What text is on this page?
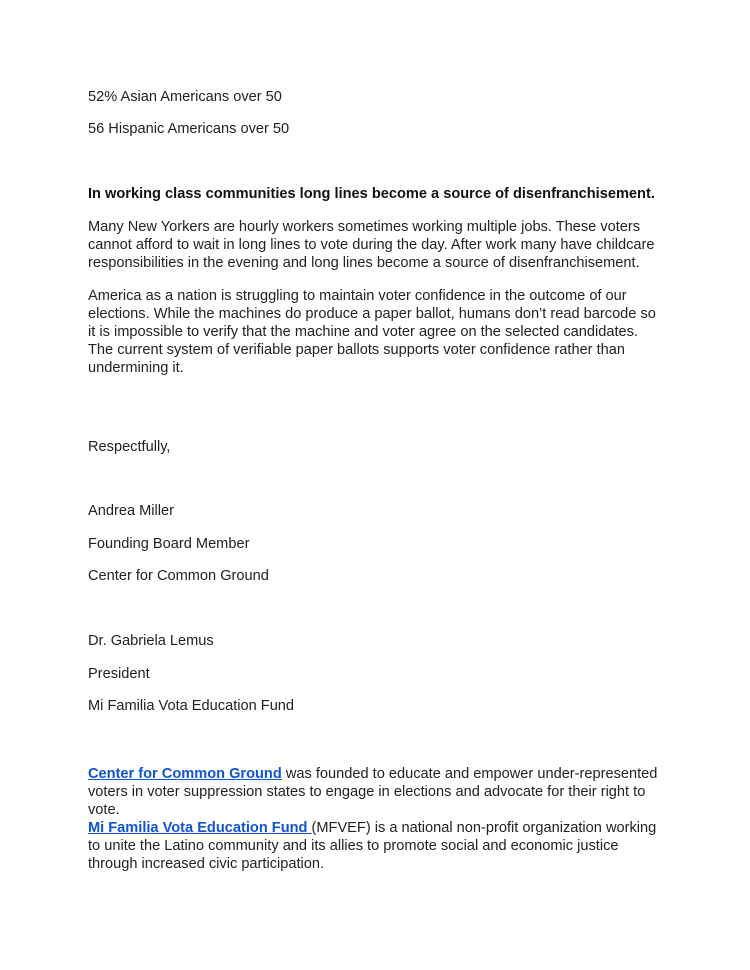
52% Asian Americans over 50
56 Hispanic Americans over 50
In working class communities long lines become a source of disenfranchisement.
Many New Yorkers are hourly workers sometimes working multiple jobs. These voters cannot afford to wait in long lines to vote during the day. After work many have childcare responsibilities in the evening and long lines become a source of disenfranchisement.
America as a nation is struggling to maintain voter confidence in the outcome of our elections. While the machines do produce a paper ballot, humans don’t read barcode so it is impossible to verify that the machine and voter agree on the selected candidates. The current system of verifiable paper ballots supports voter confidence rather than undermining it.
Respectfully,
Andrea Miller
Founding Board Member
Center for Common Ground
Dr. Gabriela Lemus
President
Mi Familia Vota Education Fund
Center for Common Ground was founded to educate and empower under-represented voters in voter suppression states to engage in elections and advocate for their right to vote.
Mi Familia Vota Education Fund (MFVEF) is a national non-profit organization working to unite the Latino community and its allies to promote social and economic justice through increased civic participation.
